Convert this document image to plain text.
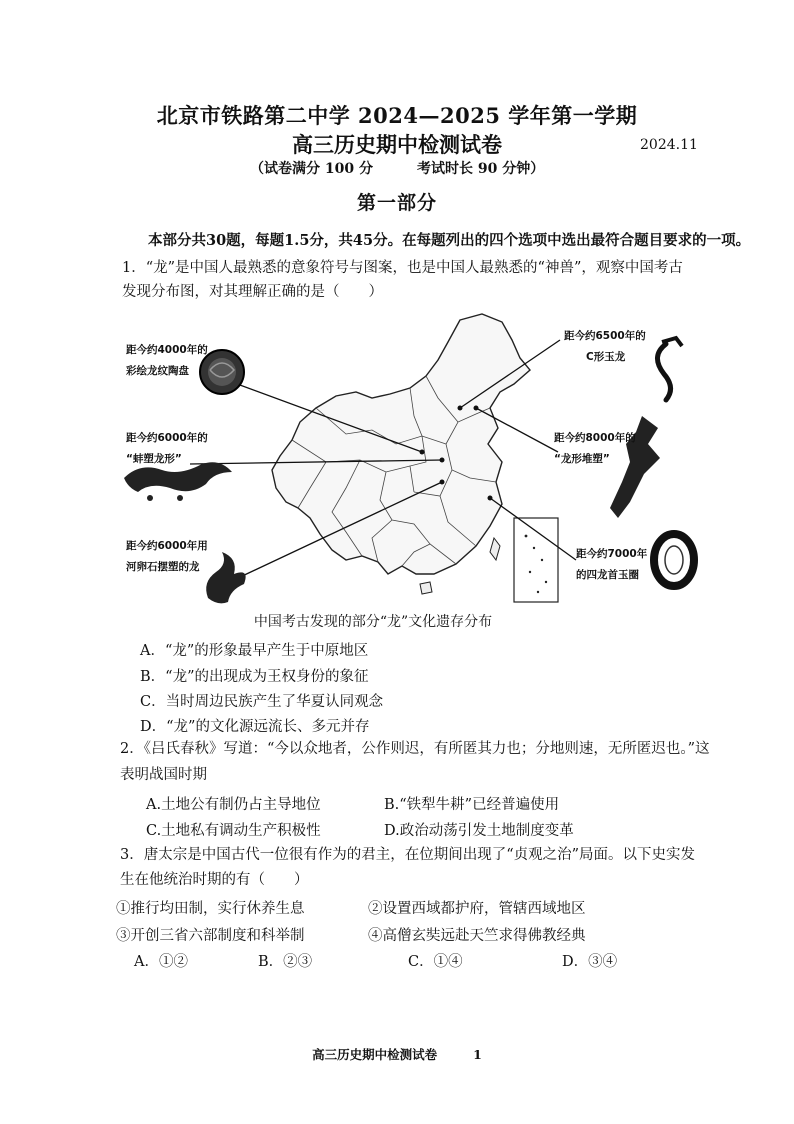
北京市铁路第二中学 2024—2025 学年第一学期
高三历史期中检测试卷	2024.11
（试卷满分 100 分	考试时长 90 分钟）
第一部分
本部分共30题，每题1.5分，共45分。在每题列出的四个选项中选出最符合题目要求的一项。
1．“龙”是中国人最熟悉的意象符号与图案，也是中国人最熟悉的“神兽”，观察中国考古
发现分布图，对其理解正确的是（　　）
距今约4000年的
彩绘龙纹陶盘
距今约6000年的
“蚌塑龙形”
距今约6000年用
河卵石摆塑的龙
距今约6500年的
C形玉龙
距今约8000年的
“龙形堆塑”
距今约7000年
的四龙首玉圈
中国考古发现的部分“龙”文化遗存分布
A．“龙”的形象最早产生于中原地区
B．“龙”的出现成为王权身份的象征
C．当时周边民族产生了华夏认同观念
D．“龙”的文化源远流长、多元并存
2．《吕氏春秋》写道：“今以众地者，公作则迟，有所匿其力也；分地则速，无所匿迟也。”这
表明战国时期
A.土地公有制仍占主导地位	B.“铁犁牛耕”已经普遍使用
C.土地私有调动生产积极性	D.政治动荡引发土地制度变革
3．唐太宗是中国古代一位很有作为的君主，在位期间出现了“贞观之治”局面。以下史实发
生在他统治时期的有（　　）
①推行均田制，实行休养生息	②设置西域都护府，管辖西域地区
③开创三省六部制度和科举制	④高僧玄奘远赴天竺求得佛教经典
A．①②	B．②③	C．①④	D．③④
高三历史期中检测试卷	1
